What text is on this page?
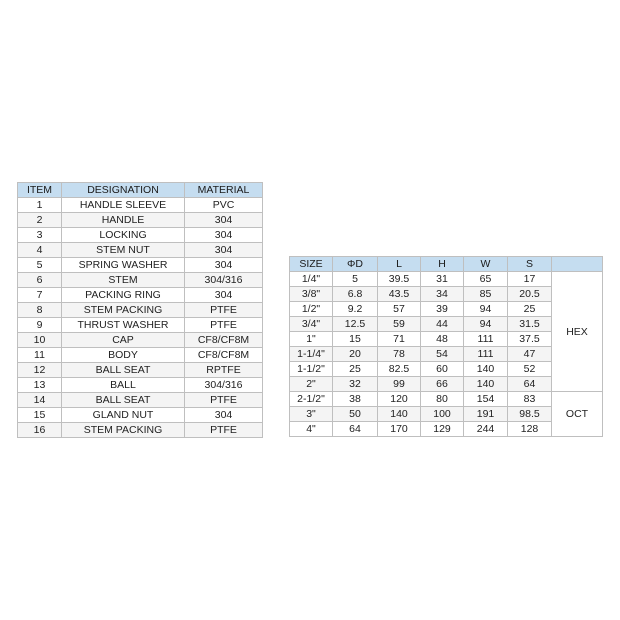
ITEM	DESIGNATION	MATERIAL
1	HANDLE SLEEVE	PVC
2	HANDLE	304
3	LOCKING	304
4	STEM NUT	304
5	SPRING WASHER	304
6	STEM	304/316
7	PACKING RING	304
8	STEM PACKING	PTFE
9	THRUST WASHER	PTFE
10	CAP	CF8/CF8M
11	BODY	CF8/CF8M
12	BALL SEAT	RPTFE
13	BALL	304/316
14	BALL SEAT	PTFE
15	GLAND NUT	304
16	STEM PACKING	PTFE
SIZE	ΦD	L	H	W	S	
1/4"	5	39.5	31	65	17	HEX
3/8"	6.8	43.5	34	85	20.5	
1/2"	9.2	57	39	94	25	
3/4"	12.5	59	44	94	31.5	
1"	15	71	48	111	37.5	
1-1/4"	20	78	54	111	47	
1-1/2"	25	82.5	60	140	52	
2"	32	99	66	140	64	
2-1/2"	38	120	80	154	83	OCT
3"	50	140	100	191	98.5	
4"	64	170	129	244	128	
